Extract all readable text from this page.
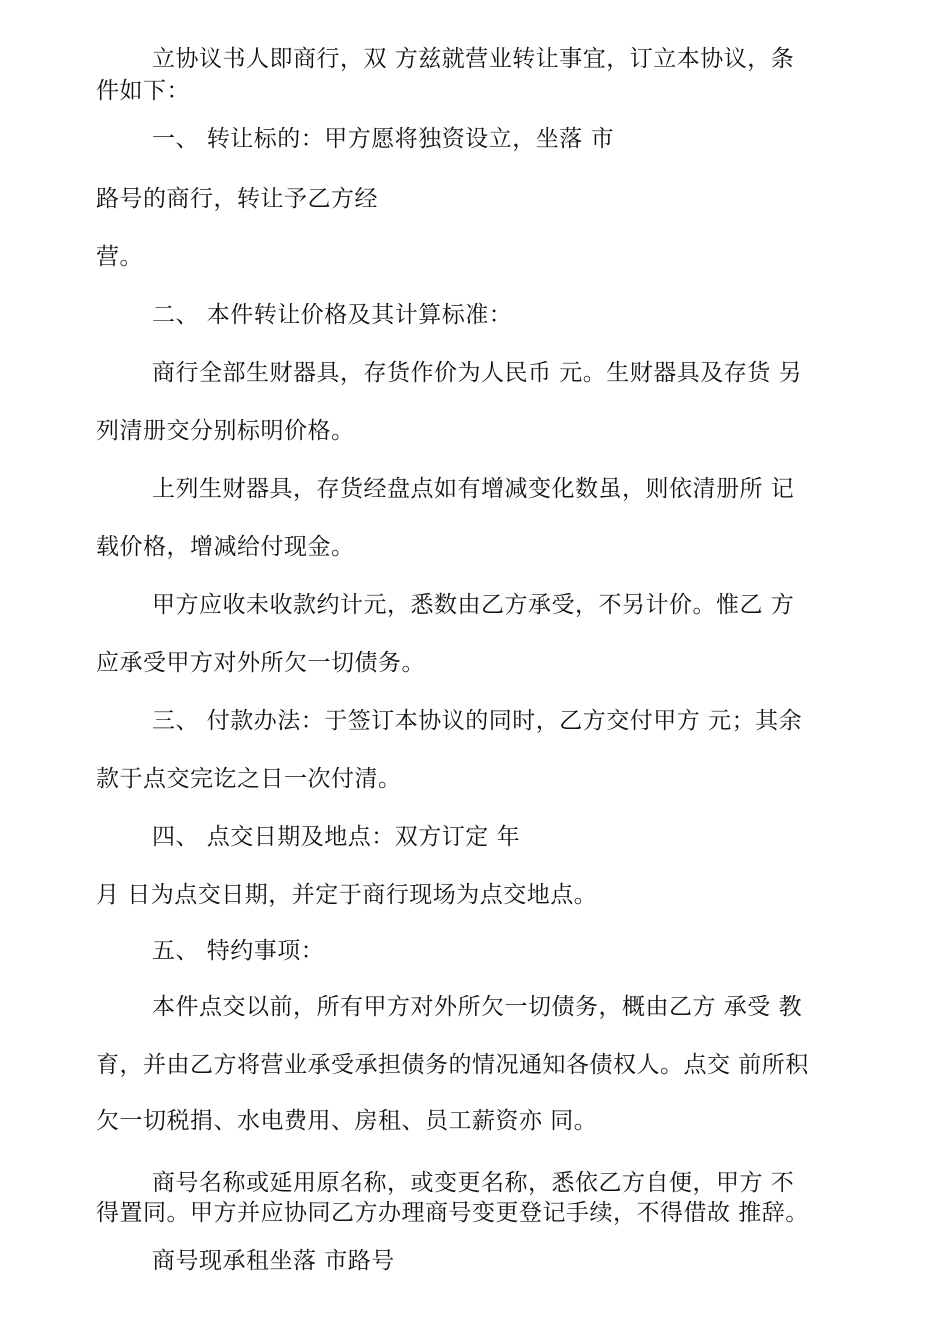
立协议书人即商行，双 方兹就营业转让事宜，订立本协议，条

件如下：

一、 转让标的：甲方愿将独资设立，坐落 市

路号的商行，转让予乙方经

营。

二、 本件转让价格及其计算标准：

商行全部生财器具，存货作价为人民币 元。生财器具及存货 另

列清册交分别标明价格。

上列生财器具，存货经盘点如有增减变化数虽，则依清册所 记

载价格，增减给付现金。

甲方应收未收款约计元，悉数由乙方承受，不另计价。惟乙 方

应承受甲方对外所欠一切债务。

三、 付款办法：于签订本协议的同时，乙方交付甲方 元；其余

款于点交完讫之日一次付清。

四、 点交日期及地点：双方订定 年

月 日为点交日期，并定于商行现场为点交地点。

五、 特约事项：

本件点交以前，所有甲方对外所欠一切债务，概由乙方 承受 教

育，并由乙方将营业承受承担债务的情况通知各债权人。点交 前所积

欠一切税捐、水电费用、房租、员工薪资亦 同。

商号名称或延用原名称，或变更名称，悉依乙方自便，甲方 不

得置同。甲方并应协同乙方办理商号变更登记手续，不得借故 推辞。

商号现承租坐落 市路号
